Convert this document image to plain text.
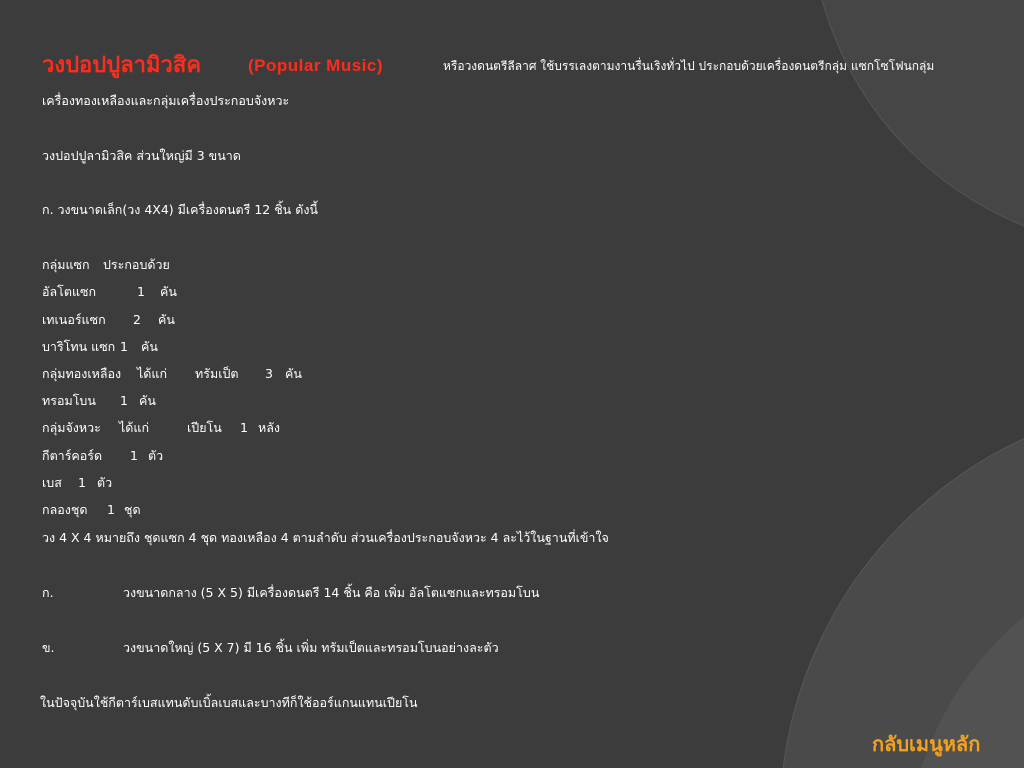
วงปอปปูลามิวสิค	(Popular Music)	หรือวงดนตรีลีลาศ ใช้บรรเลงตามงานรื่นเริงทั่วไป ประกอบด้วยเครื่องดนตรีกลุ่ม แซกโซโฟนกลุ่ม
เครื่องทองเหลืองและกลุ่มเครื่องประกอบจังหวะ
วงปอปปูลามิวสิค ส่วนใหญ่มี 3 ขนาด
ก. วงขนาดเล็ก(วง 4X4) มีเครื่องดนตรี 12 ชิ้น ดังนี้
กลุ่มแซก ประกอบด้วย
อัลโตแซก	1 คัน
เทเนอร์แซก 2 คัน
บาริโทน แซก 1 คัน
กลุ่มทองเหลือง ได้แก่ ทรัมเป็ต 3 คัน
ทรอมโบน 1 คัน
กลุ่มจังหวะ ได้แก่	เปียโน 1 หลัง
กีตาร์คอร์ด 1 ตัว
เบส 1 ตัว
กลองชุด 1 ชุด
วง 4 X 4 หมายถึง ชุดแซก 4 ชุด ทองเหลือง 4 ตามลำดับ ส่วนเครื่องประกอบจังหวะ 4 ละไว้ในฐานที่เข้าใจ
ก.	วงขนาดกลาง (5 X 5) มีเครื่องดนตรี 14 ชิ้น คือ เพิ่ม อัลโตแซกและทรอมโบน
ข.	วงขนาดใหญ่ (5 X 7) มี 16 ชิ้น เพิ่ม ทรัมเป็ตและทรอมโบนอย่างละตัว
ในปัจจุบันใช้กีตาร์เบสแทนดับเบิ้ลเบสและบางทีก็ใช้ออร์แกนแทนเปียโน
กลับเมนูหลัก
